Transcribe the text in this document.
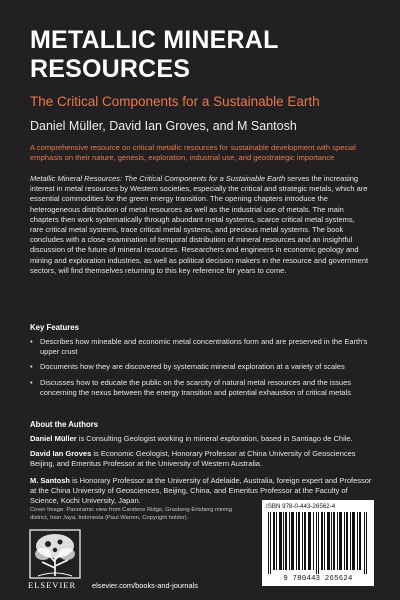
METALLIC MINERAL
RESOURCES

The Critical Components for a Sustainable Earth

Daniel Müller, David Ian Groves, and M Santosh

A comprehensive resource on critical metallic resources for sustainable development with special emphasis on their nature, genesis, exploration, industrial use, and geostrategic importance

Metallic Mineral Resources: The Critical Components for a Sustainable Earth serves the increasing interest in metal resources by Western societies, especially the critical and strategic metals, which are essential commodities for the green energy transition. The opening chapters introduce the heterogeneous distribution of metal resources as well as the industrial use of metals. The main chapters then work systematically through abundant metal systems, scarce critical metal systems, rare critical metal systems, trace critical metal systems, and precious metal systems. The book concludes with a close examination of temporal distribution of mineral resources and an insightful discussion of the future of mineral resources. Researchers and engineers in economic geology and mining and exploration industries, as well as political decision makers in the resource and government sectors, will find themselves returning to this key reference for years to come.

Key Features
• Describes how mineable and economic metal concentrations form and are preserved in the Earth's upper crust
• Documents how they are discovered by systematic mineral exploration at a variety of scales
• Discusses how to educate the public on the scarcity of natural metal resources and the issues concerning the nexus between the energy transition and potential exhaustion of critical metals
About the Authors

Daniel Müller is Consulting Geologist working in mineral exploration, based in Santiago de Chile.

David Ian Groves is Economic Geologist, Honorary Professor at China University of Geosciences Beijing, and Emeritus Professor at the University of Western Australia.

M. Santosh is Honorary Professor at the University of Adelaide, Australia, foreign expert and Professor at the China University of Geosciences, Beijing, China, and Emeritus Professor at the Faculty of Science, Kochi University, Japan.

Cover Image: Panoramic view from Carstens Ridge, Grasberg-Ertsberg mining district, Irian Jaya, Indonesia (Paul Warren, Copyright holder).

ELSEVIER elsevier.com/books-and-journals

ISBN 978-0-443-26562-4

9 780443 265624
